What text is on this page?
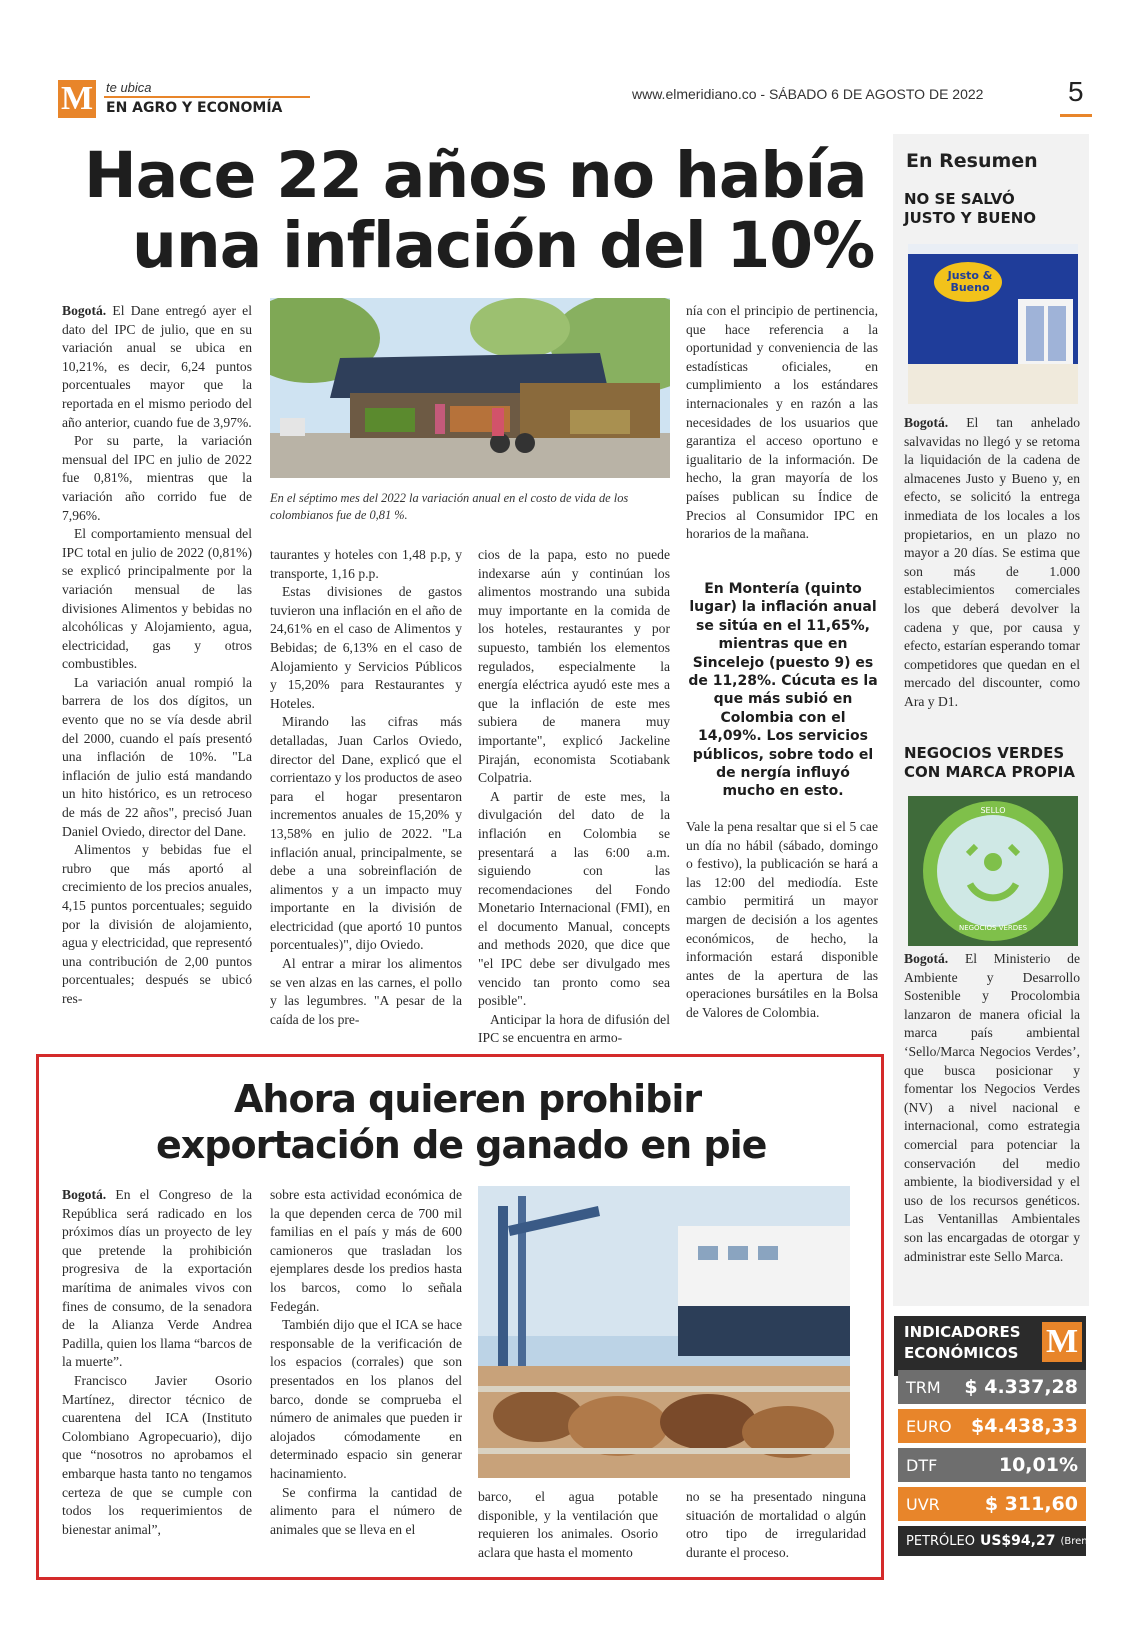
M te ubica
EN AGRO Y ECONOMÍA
www.elmeridiano.co - SÁBADO 6 DE AGOSTO DE 2022	5
Hace 22 años no había
una inflación del 10%

Bogotá. El Dane entregó ayer el dato del IPC de julio, que en su variación anual se ubica en 10,21%, es decir, 6,24 puntos porcentuales mayor que la reportada en el mismo periodo del año anterior, cuando fue de 3,97%.

Por su parte, la variación mensual del IPC en julio de 2022 fue 0,81%, mientras que la variación año corrido fue de 7,96%.

El comportamiento mensual del IPC total en julio de 2022 (0,81%) se explicó principalmente por la variación mensual de las divisiones Alimentos y bebidas no alcohólicas y Alojamiento, agua, electricidad, gas y otros combustibles.

La variación anual rompió la barrera de los dos dígitos, un evento que no se vía desde abril del 2000, cuando el país presentó una inflación de 10%. "La inflación de julio está mandando un hito histórico, es un retroceso de más de 22 años", precisó Juan Daniel Oviedo, director del Dane.

Alimentos y bebidas fue el rubro que más aportó al crecimiento de los precios anuales, 4,15 puntos porcentuales; seguido por la división de alojamiento, agua y electricidad, que representó una contribución de 2,00 puntos porcentuales; después se ubicó res-

En el séptimo mes del 2022 la variación anual en el costo de vida de los colombianos fue de 0,81 %.

taurantes y hoteles con 1,48 p.p, y transporte, 1,16 p.p.

Estas divisiones de gastos tuvieron una inflación en el año de 24,61% en el caso de Alimentos y Bebidas; de 6,13% en el caso de Alojamiento y Servicios Públicos y 15,20% para Restaurantes y Hoteles.

Mirando las cifras más detalladas, Juan Carlos Oviedo, director del Dane, explicó que el corrientazo y los productos de aseo para el hogar presentaron incrementos anuales de 15,20% y 13,58% en julio de 2022. "La inflación anual, principalmente, se debe a una sobreinflación de alimentos y a un impacto muy importante en la división de electricidad (que aportó 10 puntos porcentuales)", dijo Oviedo.

Al entrar a mirar los alimentos se ven alzas en las carnes, el pollo y las legumbres. "A pesar de la caída de los pre-

cios de la papa, esto no puede indexarse aún y continúan los alimentos mostrando una subida muy importante en la comida de los hoteles, restaurantes y por supuesto, también los elementos regulados, especialmente la energía eléctrica ayudó este mes a que la inflación de este mes subiera de manera muy importante", explicó Jackeline Piraján, economista Scotiabank Colpatria.

A partir de este mes, la divulgación del dato de la inflación en Colombia se presentará a las 6:00 a.m. siguiendo con las recomendaciones del Fondo Monetario Internacional (FMI), en el documento Manual, concepts and methods 2020, que dice que "el IPC debe ser divulgado mes vencido tan pronto como sea posible".

Anticipar la hora de difusión del IPC se encuentra en armo-

nía con el principio de pertinencia, que hace referencia a la oportunidad y conveniencia de las estadísticas oficiales, en cumplimiento a los estándares internacionales y en razón a las necesidades de los usuarios que garantiza el acceso oportuno e igualitario de la información. De hecho, la gran mayoría de los países publican su Índice de Precios al Consumidor IPC en horarios de la mañana.

En Montería (quinto lugar) la inflación anual se sitúa en el 11,65%, mientras que en Sincelejo (puesto 9) es de 11,28%. Cúcuta es la que más subió en Colombia con el 14,09%. Los servicios públicos, sobre todo el de nergía influyó mucho en esto.

Vale la pena resaltar que si el 5 cae un día no hábil (sábado, domingo o festivo), la publicación se hará a las 12:00 del mediodía. Este cambio permitirá un mayor margen de decisión a los agentes económicos, de hecho, la información estará disponible antes de la apertura de las operaciones bursátiles en la Bolsa de Valores de Colombia.

En Resumen
NO SE SALVÓ JUSTO Y BUENO
Justo & Bueno

Bogotá. El tan anhelado salvavidas no llegó y se retoma la liquidación de la cadena de almacenes Justo y Bueno y, en efecto, se solicitó la entrega inmediata de los locales a los propietarios, en un plazo no mayor a 20 días. Se estima que son más de 1.000 establecimientos comerciales los que deberá devolver la cadena y que, por causa y efecto, estarían esperando tomar competidores que quedan en el mercado del discounter, como Ara y D1.

NEGOCIOS VERDES CON MARCA PROPIA
SELLO
NEGOCIOS VERDES

Bogotá. El Ministerio de Ambiente y Desarrollo Sostenible y Procolombia lanzaron de manera oficial la marca país ambiental ‘Sello/Marca Negocios Verdes’, que busca posicionar y fomentar los Negocios Verdes (NV) a nivel nacional e internacional, como estrategia comercial para potenciar la conservación del medio ambiente, la biodiversidad y el uso de los recursos genéticos. Las Ventanillas Ambientales son las encargadas de otorgar y administrar este Sello Marca.

INDICADORES
ECONÓMICOS M
TRM $ 4.337,28
EURO $4.438,33
DTF	10,01%
UVR $ 311,60
PETRÓLEO US$94,27 (Brent)
Ahora quieren prohibir
exportación de ganado en pie

Bogotá. En el Congreso de la República será radicado en los próximos días un proyecto de ley que pretende la prohibición progresiva de la exportación marítima de animales vivos con fines de consumo, de la senadora de la Alianza Verde Andrea Padilla, quien los llama “barcos de la muerte”.

Francisco Javier Osorio Martínez, director técnico de cuarentena del ICA (Instituto Colombiano Agropecuario), dijo que “nosotros no aprobamos el embarque hasta tanto no tengamos certeza de que se cumple con todos los requerimientos de bienestar animal”,

sobre esta actividad económica de la que dependen cerca de 700 mil familias en el país y más de 600 camioneros que trasladan los ejemplares desde los predios hasta los barcos, como lo señala Fedegán.

También dijo que el ICA se hace responsable de la verificación de los espacios (corrales) que son presentados en los planos del barco, donde se comprueba el número de animales que pueden ir alojados cómodamente en determinado espacio sin generar hacinamiento.

Se confirma la cantidad de alimento para el número de animales que se lleva en el

barco, el agua potable disponible, y la ventilación que requieren los animales. Osorio aclara que hasta el momento

no se ha presentado ninguna situación de mortalidad o algún otro tipo de irregularidad durante el proceso.
